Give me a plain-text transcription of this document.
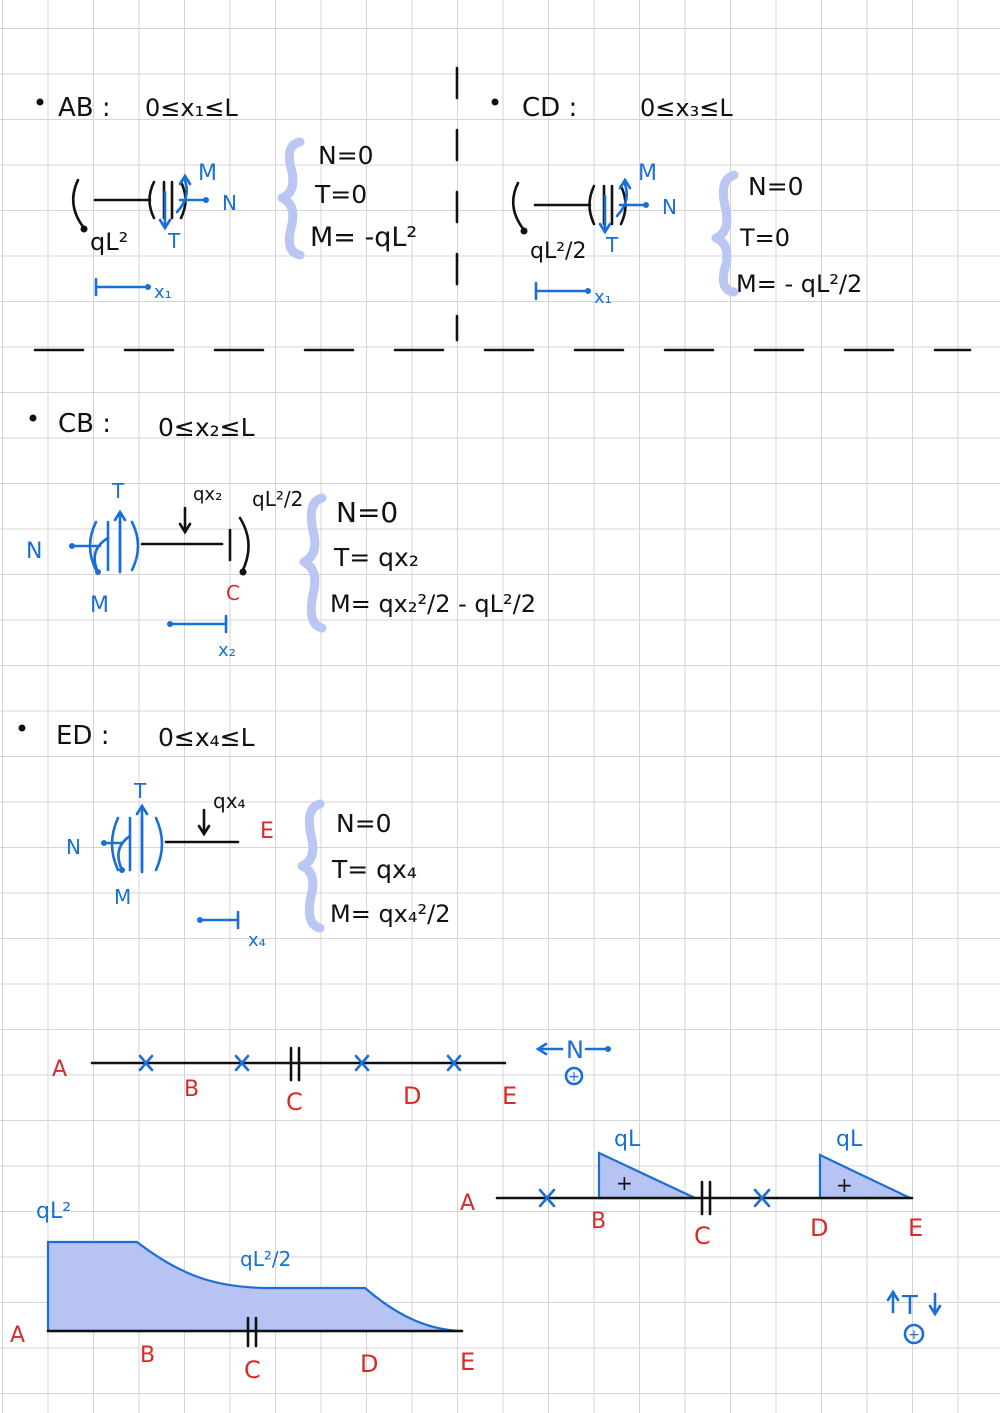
AB : 0≤x₁≤L
qL²
M
N
T
x₁
N=0
T=0
M= -qL²
CD :	0≤x₃≤L
qL²/2
M
N
T
x₁
N=0
T=0
M= - qL²/2
CB : 0≤x₂≤L
T
N
M
qx₂ qL²/2
C
x₂
N=0
T= qx₂
M= qx₂²/2 - qL²/2
ED : 0≤x₄≤L
T
N
M
qx₄
E
x₄
N=0
T= qx₄
M= qx₄²/2
A
B	C	D	E
N
+
qL²
qL²/2
A
B
C	D	E
qL	qL
+	+
A
B
C	D	E
T
+
